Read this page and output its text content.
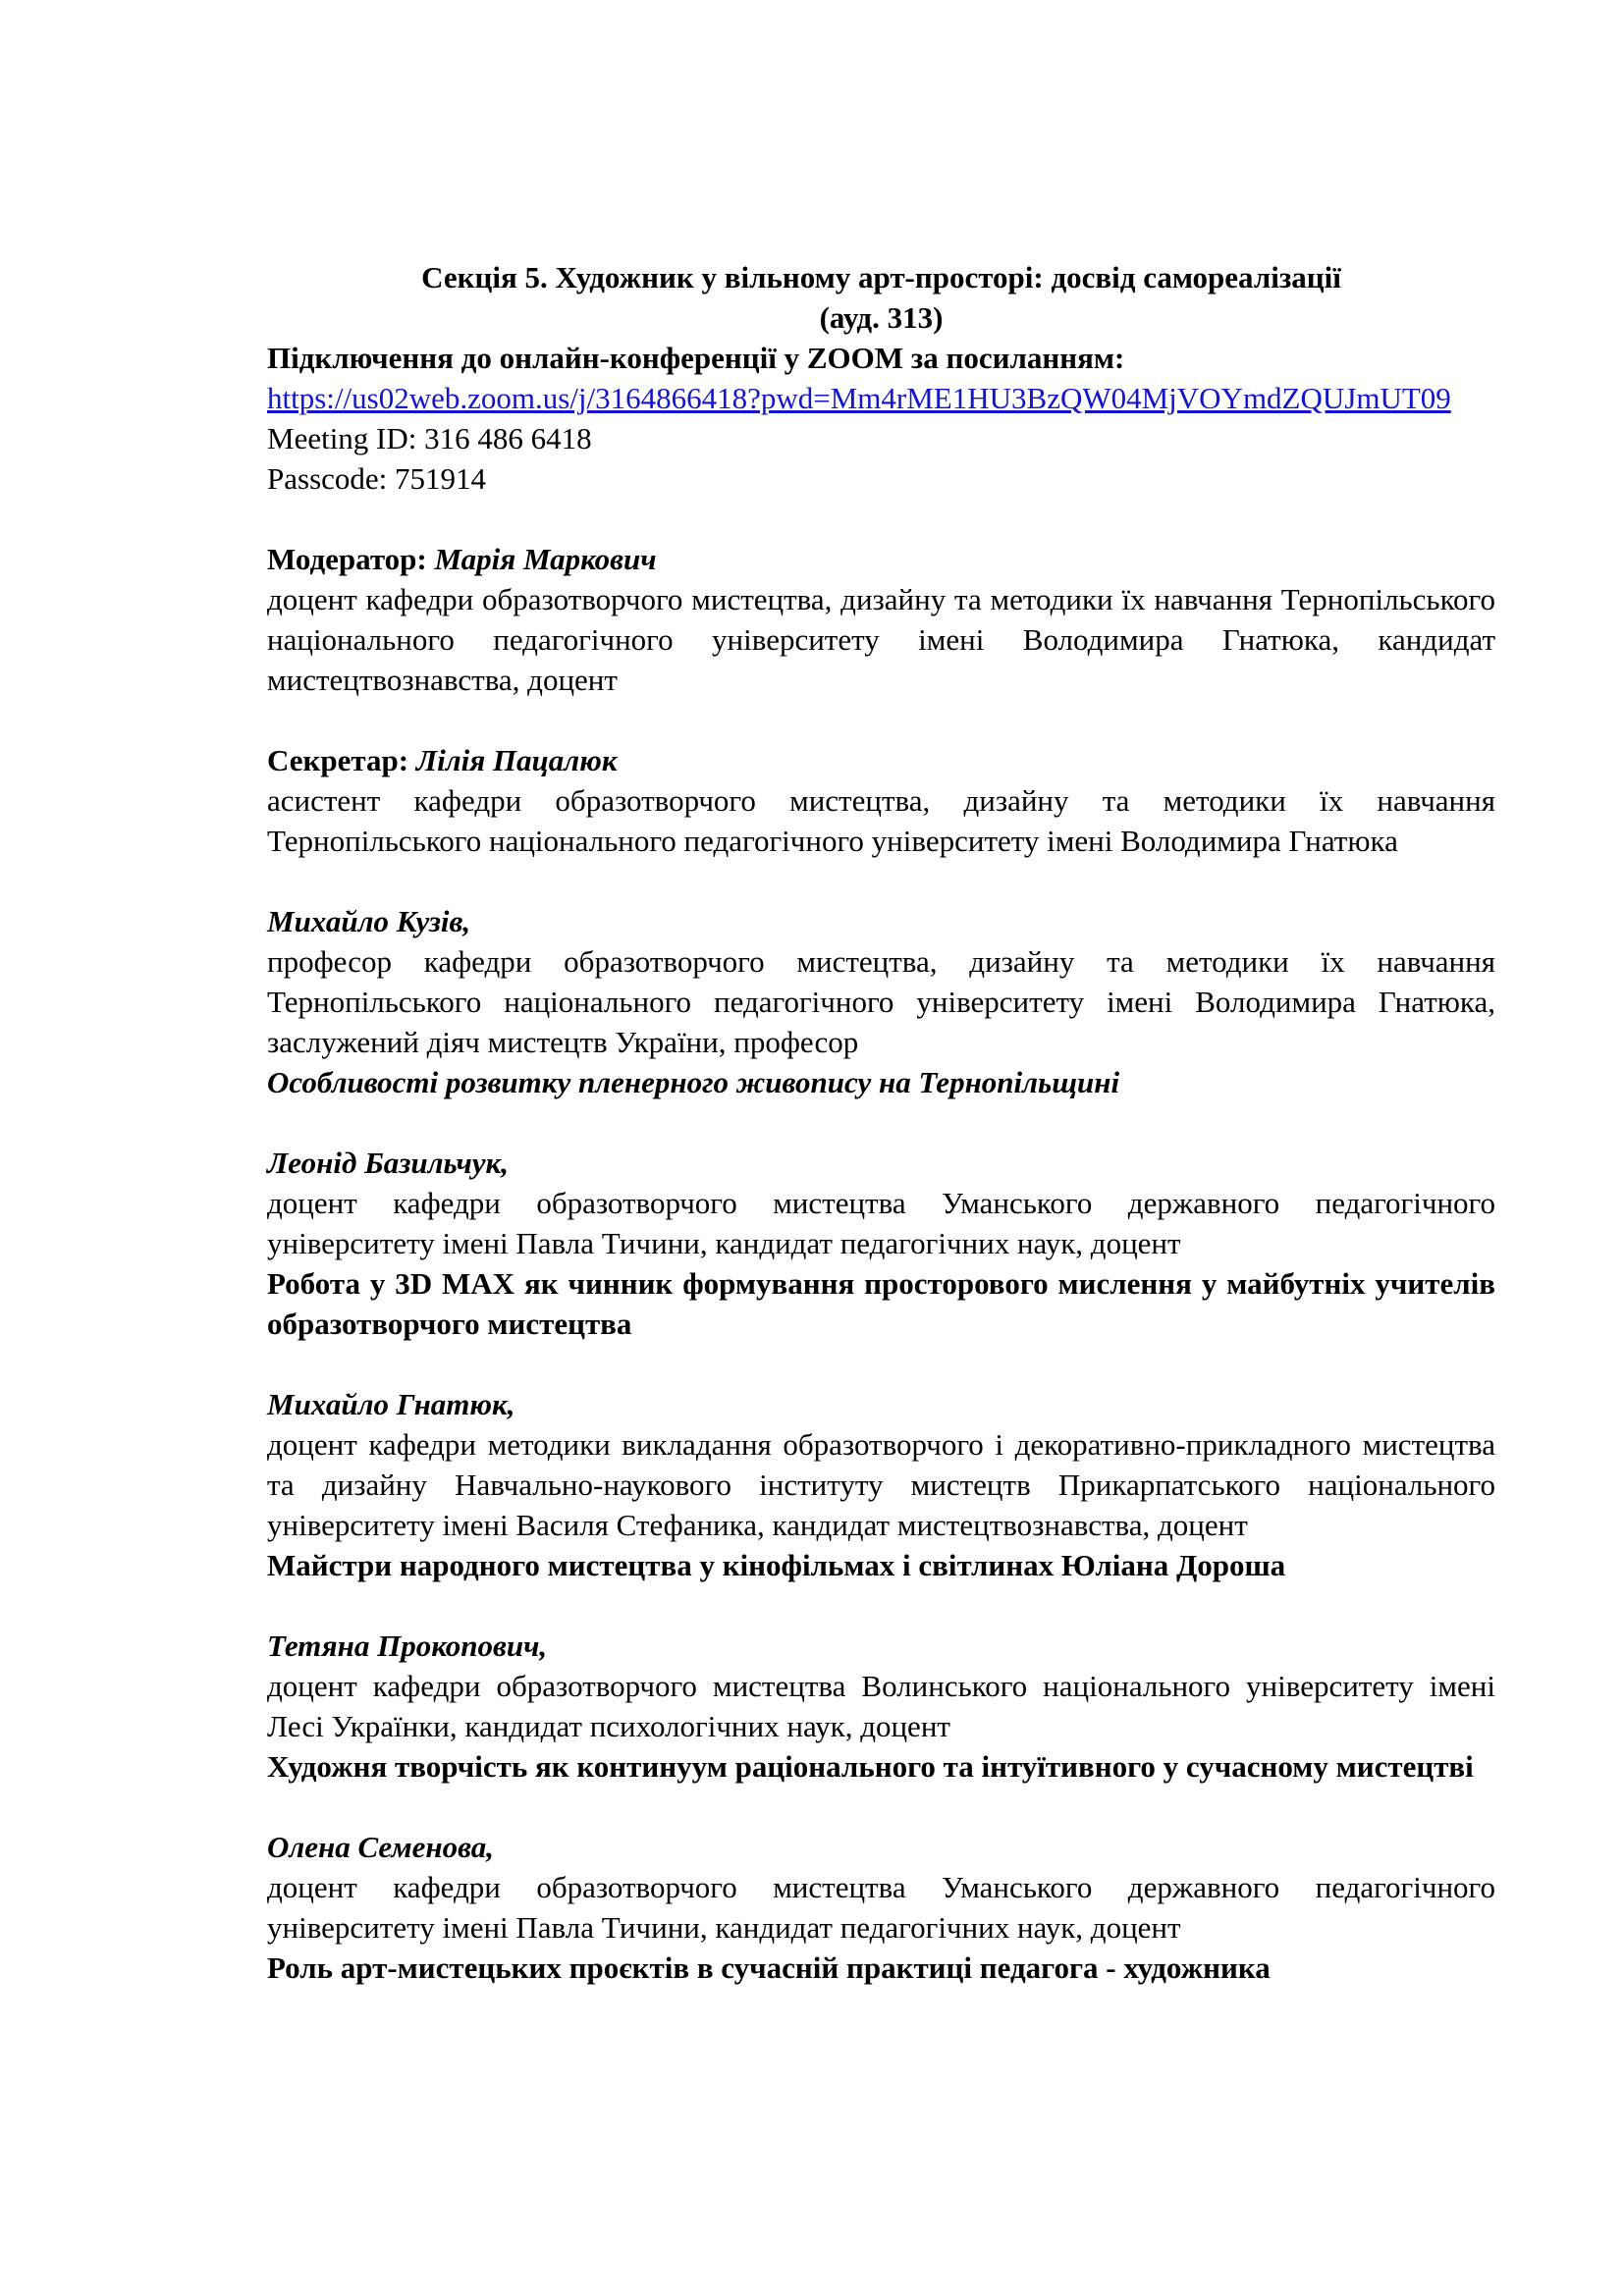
Секція 5. Художник у вільному арт-просторі: досвід самореалізації

(ауд. 313)

Підключення до онлайн-конференції у ZOOM за посиланням:

https://us02web.zoom.us/j/3164866418?pwd=Mm4rME1HU3BzQW04MjVOYmdZQUJmUT09

Meeting ID: 316 486 6418

Passcode: 751914

Модератор: Марія Маркович

доцент кафедри образотворчого мистецтва, дизайну та методики їх навчання Тернопільського національного педагогічного університету імені Володимира Гнатюка, кандидат мистецтвознавства, доцент

Секретар: Лілія Пацалюк

асистент кафедри образотворчого мистецтва, дизайну та методики їх навчання Тернопільського національного педагогічного університету імені Володимира Гнатюка

Михайло Кузів,

професор кафедри образотворчого мистецтва, дизайну та методики їх навчання Тернопільського національного педагогічного університету імені Володимира Гнатюка, заслужений діяч мистецтв України, професор

Особливості розвитку пленерного живопису на Тернопільщині

Леонід Базильчук,

доцент кафедри образотворчого мистецтва Уманського державного педагогічного університету імені Павла Тичини, кандидат педагогічних наук, доцент

Робота у 3D MAX як чинник формування просторового мислення у майбутніх учителів образотворчого мистецтва

Михайло Гнатюк,

доцент кафедри методики викладання образотворчого і декоративно-прикладного мистецтва та дизайну Навчально-наукового інституту мистецтв Прикарпатського національного університету імені Василя Стефаника, кандидат мистецтвознавства, доцент

Майстри народного мистецтва у кінофільмах і світлинах Юліана Дороша

Тетяна Прокопович,

доцент кафедри образотворчого мистецтва Волинського національного університету імені Лесі Українки, кандидат психологічних наук, доцент

Художня творчість як континуум раціонального та інтуїтивного у сучасному мистецтві

Олена Семенова,

доцент кафедри образотворчого мистецтва Уманського державного педагогічного університету імені Павла Тичини, кандидат педагогічних наук, доцент

Роль арт-мистецьких проєктів в сучасній практиці педагога - художника
